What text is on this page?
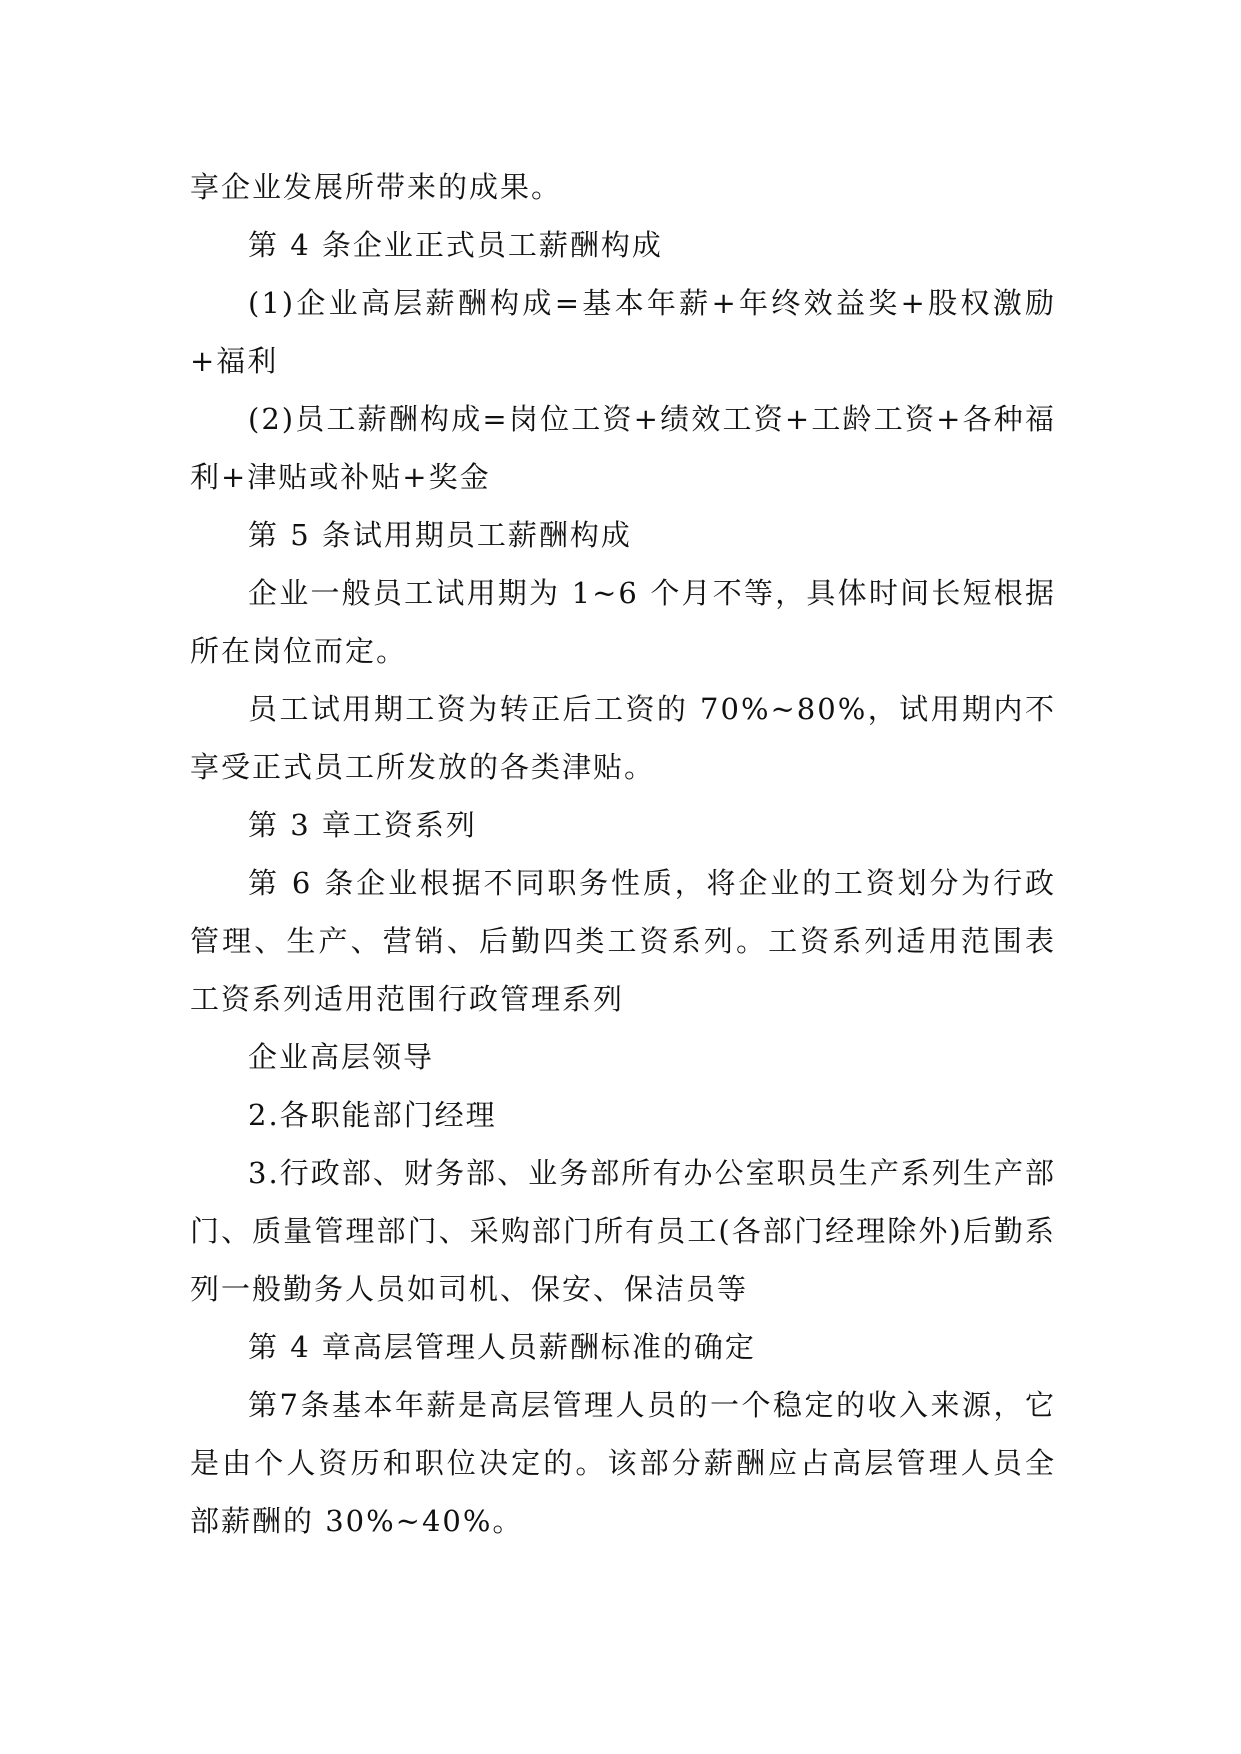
享企业发展所带来的成果。

第 4 条企业正式员工薪酬构成

(1)企业高层薪酬构成=基本年薪+年终效益奖+股权激励+福利

(2)员工薪酬构成=岗位工资+绩效工资+工龄工资+各种福利+津贴或补贴+奖金

第 5 条试用期员工薪酬构成

企业一般员工试用期为 1~6 个月不等，具体时间长短根据所在岗位而定。

员工试用期工资为转正后工资的 70%~80%，试用期内不享受正式员工所发放的各类津贴。

第 3 章工资系列

第 6 条企业根据不同职务性质，将企业的工资划分为行政管理、生产、营销、后勤四类工资系列。工资系列适用范围表工资系列适用范围行政管理系列

企业高层领导

2.各职能部门经理

3.行政部、财务部、业务部所有办公室职员生产系列生产部门、质量管理部门、采购部门所有员工(各部门经理除外)后勤系列一般勤务人员如司机、保安、保洁员等

第 4 章高层管理人员薪酬标准的确定

第7条基本年薪是高层管理人员的一个稳定的收入来源，它是由个人资历和职位决定的。该部分薪酬应占高层管理人员全部薪酬的 30%~40%。
